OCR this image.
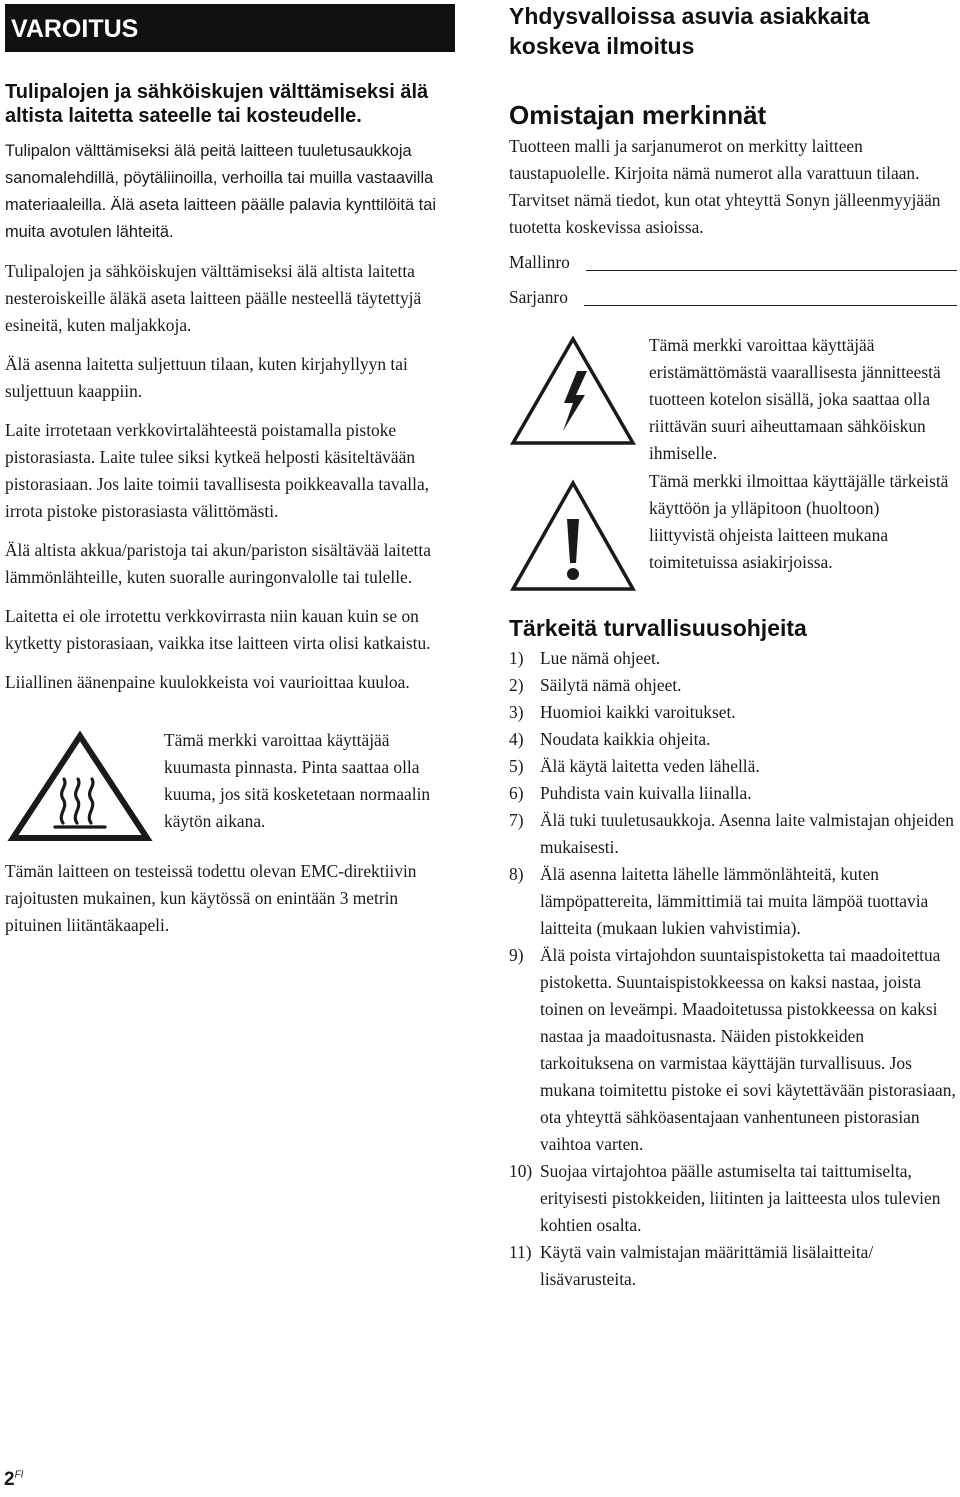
VAROITUS
Tulipalojen ja sähköiskujen välttämiseksi älä altista laitetta sateelle tai kosteudelle.

Tulipalon välttämiseksi älä peitä laitteen tuuletusaukkoja sanomalehdillä, pöytäliinoilla, verhoilla tai muilla vastaavilla materiaaleilla. Älä aseta laitteen päälle palavia kynttilöitä tai muita avotulen lähteitä.

Tulipalojen ja sähköiskujen välttämiseksi älä altista laitetta nesteroiskeille äläkä aseta laitteen päälle nesteellä täytettyjä esineitä, kuten maljakkoja.

Älä asenna laitetta suljettuun tilaan, kuten kirjahyllyyn tai suljettuun kaappiin.

Laite irrotetaan verkkovirtalähteestä poistamalla pistoke pistorasiasta. Laite tulee siksi kytkeä helposti käsiteltävään pistorasiaan. Jos laite toimii tavallisesta poikkeavalla tavalla, irrota pistoke pistorasiasta välittömästi.

Älä altista akkua/paristoja tai akun/pariston sisältävää laitetta lämmönlähteille, kuten suoralle auringonvalolle tai tulelle.

Laitetta ei ole irrotettu verkkovirrasta niin kauan kuin se on kytketty pistorasiaan, vaikka itse laitteen virta olisi katkaistu.

Liiallinen äänenpaine kuulokkeista voi vaurioittaa kuuloa.

Tämä merkki varoittaa käyttäjää kuumasta pinnasta. Pinta saattaa olla kuuma, jos sitä kosketetaan normaalin käytön aikana.

Tämän laitteen on testeissä todettu olevan EMC-direktiivin rajoitusten mukainen, kun käytössä on enintään 3 metrin pituinen liitäntäkaapeli.

Yhdysvalloissa asuvia asiakkaita koskeva ilmoitus
Omistajan merkinnät

Tuotteen malli ja sarjanumerot on merkitty laitteen taustapuolelle. Kirjoita nämä numerot alla varattuun tilaan. Tarvitset nämä tiedot, kun otat yhteyttä Sonyn jälleenmyyjään tuotetta koskevissa asioissa.

Mallinro
Sarjanro

Tämä merkki varoittaa käyttäjää eristämättömästä vaarallisesta jännitteestä tuotteen kotelon sisällä, joka saattaa olla riittävän suuri aiheuttamaan sähköiskun ihmiselle.

Tämä merkki ilmoittaa käyttäjälle tärkeistä käyttöön ja ylläpitoon (huoltoon) liittyvistä ohjeista laitteen mukana toimitetuissa asiakirjoissa.

Tärkeitä turvallisuusohjeita
1) Lue nämä ohjeet.
2) Säilytä nämä ohjeet.
3) Huomioi kaikki varoitukset.
4) Noudata kaikkia ohjeita.
5) Älä käytä laitetta veden lähellä.
6) Puhdista vain kuivalla liinalla.
7) Älä tuki tuuletusaukkoja. Asenna laite valmistajan ohjeiden mukaisesti.
8) Älä asenna laitetta lähelle lämmönlähteitä, kuten lämpöpattereita, lämmittimiä tai muita lämpöä tuottavia laitteita (mukaan lukien vahvistimia).
9) Älä poista virtajohdon suuntaispistoketta tai maadoitettua pistoketta. Suuntaispistokkeessa on kaksi nastaa, joista toinen on leveämpi. Maadoitetussa pistokkeessa on kaksi nastaa ja maadoitusnasta. Näiden pistokkeiden tarkoituksena on varmistaa käyttäjän turvallisuus. Jos mukana toimitettu pistoke ei sovi käytettävään pistorasiaan, ota yhteyttä sähköasentajaan vanhentuneen pistorasian vaihtoa varten.
10) Suojaa virtajohtoa päälle astumiselta tai taittumiselta, erityisesti pistokkeiden, liitinten ja laitteesta ulos tulevien kohtien osalta.
11) Käytä vain valmistajan määrittämiä lisälaitteita/ lisävarusteita.
$2^{FI}$
